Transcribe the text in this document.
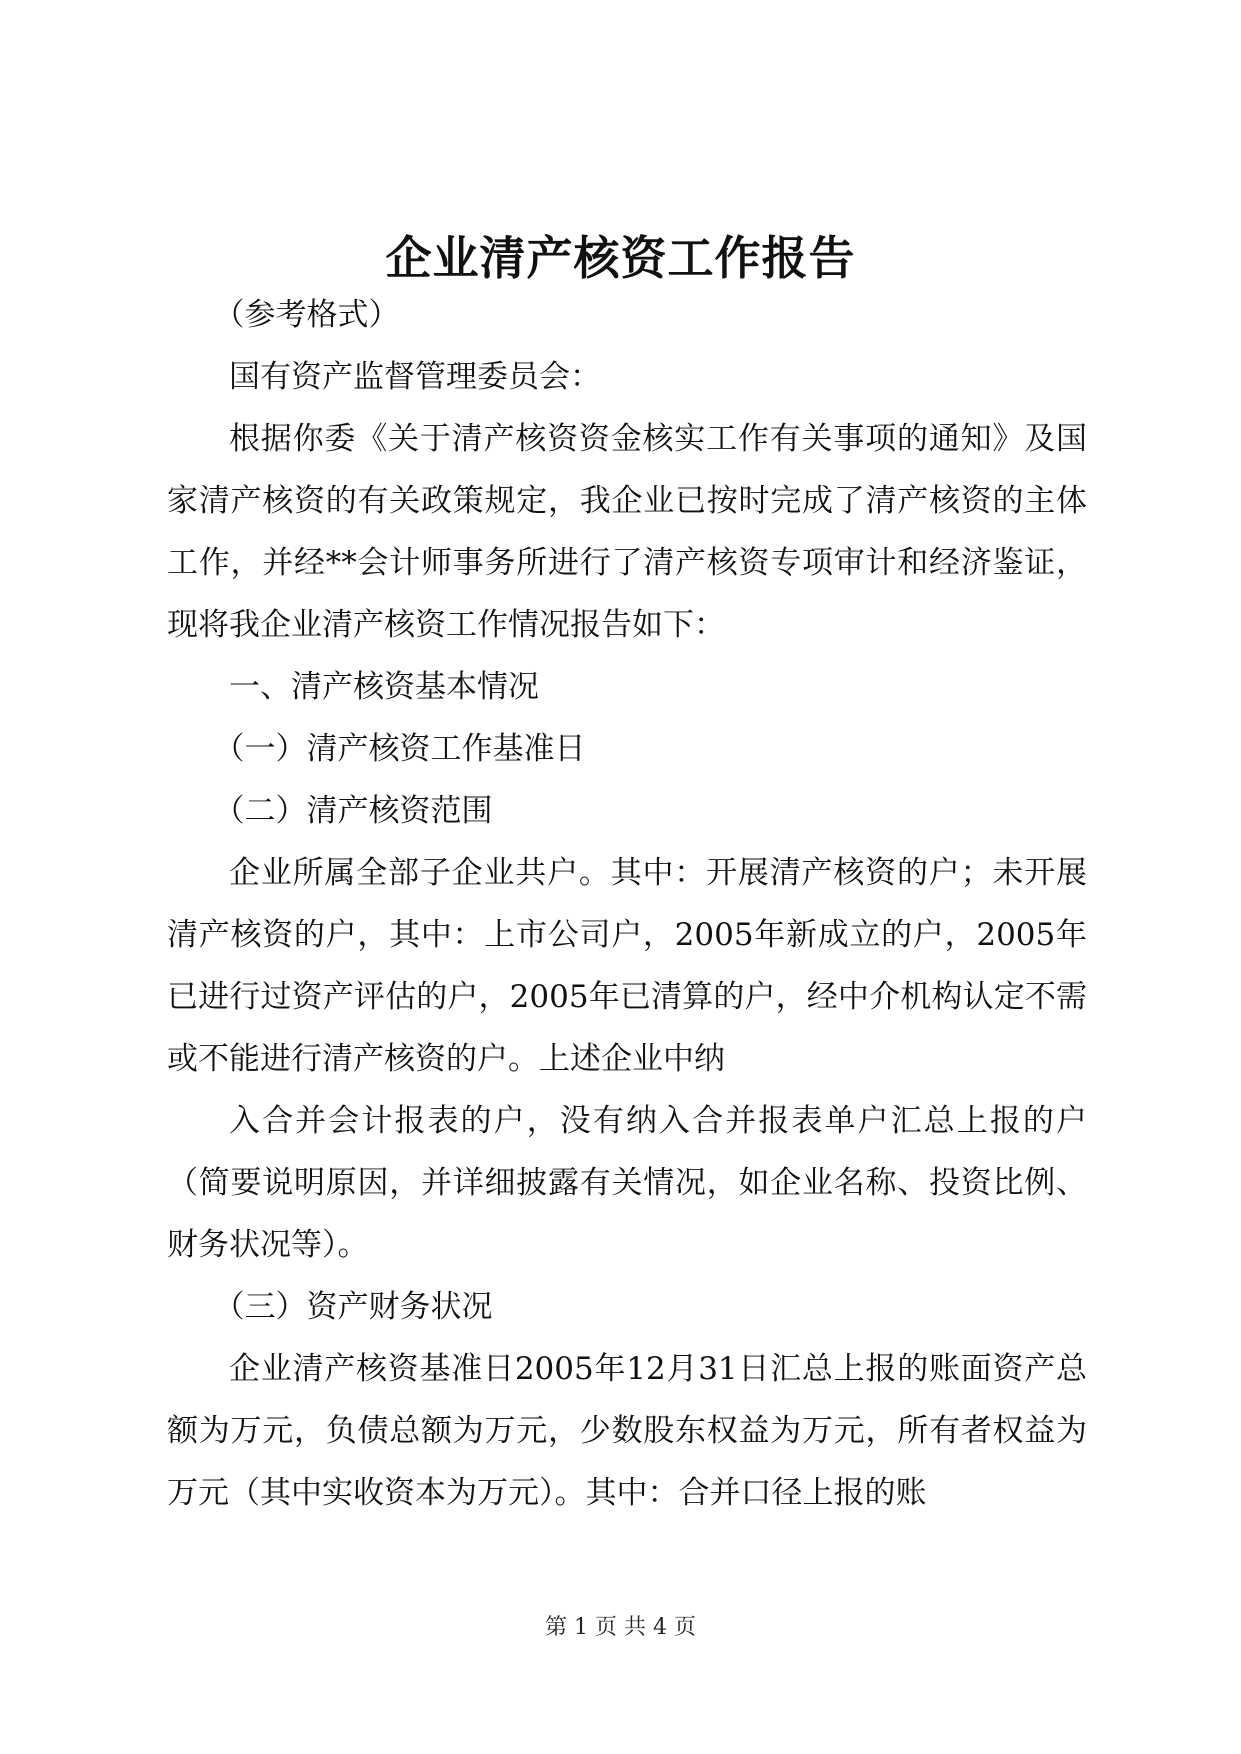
企业清产核资工作报告

（参考格式）

国有资产监督管理委员会：

根据你委《关于清产核资资金核实工作有关事项的通知》及国家清产核资的有关政策规定，我企业已按时完成了清产核资的主体工作，并经**会计师事务所进行了清产核资专项审计和经济鉴证，现将我企业清产核资工作情况报告如下：

一、清产核资基本情况

（一）清产核资工作基准日

（二）清产核资范围

企业所属全部子企业共户。其中：开展清产核资的户；未开展清产核资的户，其中：上市公司户，2005年新成立的户，2005年已进行过资产评估的户，2005年已清算的户，经中介机构认定不需或不能进行清产核资的户。上述企业中纳

入合并会计报表的户，没有纳入合并报表单户汇总上报的户（简要说明原因，并详细披露有关情况，如企业名称、投资比例、财务状况等）。

（三）资产财务状况

企业清产核资基准日2005年12月31日汇总上报的账面资产总额为万元，负债总额为万元，少数股东权益为万元，所有者权益为万元（其中实收资本为万元）。其中：合并口径上报的账

第 1 页 共 4 页
